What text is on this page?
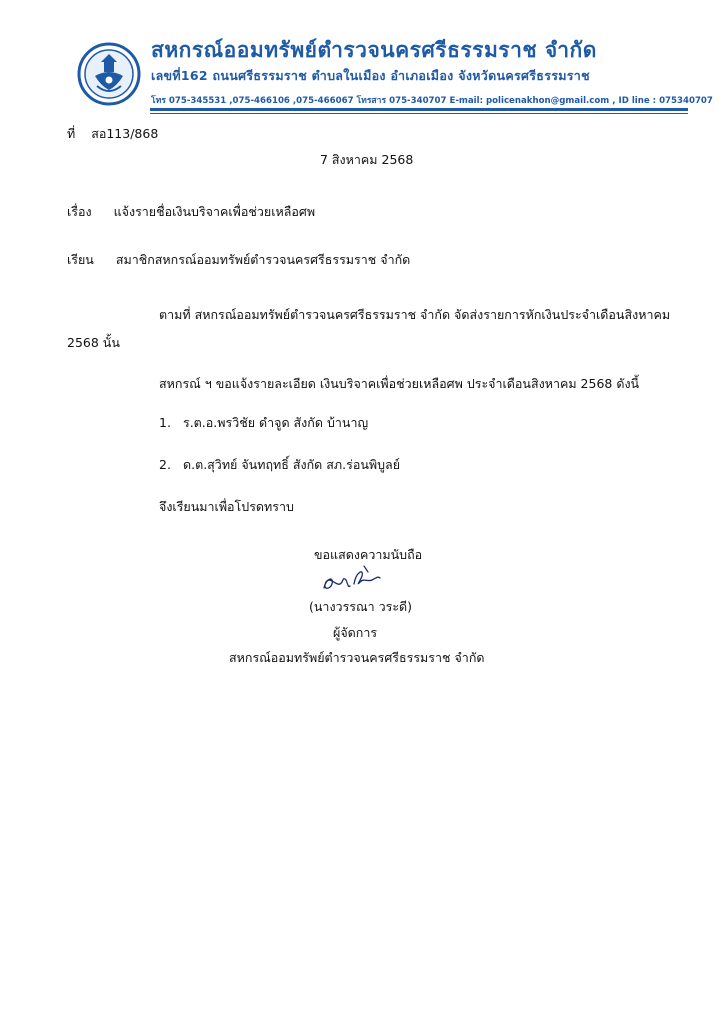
สหกรณ์ออมทรัพย์ตำรวจนครศรีธรรมราช จำกัด
เลขที่162 ถนนศรีธรรมราช ตำบลในเมือง อำเภอเมือง จังหวัดนครศรีธรรมราช
โทร 075-345531 ,075-466106 ,075-466067 โทรสาร 075-340707 E-mail: policenakhon@gmail.com , ID line : 075340707
ที่ สอ113/868
7 สิงหาคม 2568
เรื่อง แจ้งรายชื่อเงินบริจาคเพื่อช่วยเหลือศพ
เรียน สมาชิกสหกรณ์ออมทรัพย์ตำรวจนครศรีธรรมราช จำกัด
ตามที่ สหกรณ์ออมทรัพย์ตำรวจนครศรีธรรมราช จำกัด จัดส่งรายการหักเงินประจำเดือนสิงหาคม
2568 นั้น
สหกรณ์ ฯ ขอแจ้งรายละเอียด เงินบริจาคเพื่อช่วยเหลือศพ ประจำเดือนสิงหาคม 2568 ดังนี้
1. ร.ต.อ.พรวิชัย ดำจูด สังกัด บ้านาญ
2. ด.ต.สุวิทย์ จันทฤทธิ์ สังกัด สภ.ร่อนพิบูลย์
จึงเรียนมาเพื่อโปรดทราบ
ขอแสดงความนับถือ
(นางวรรณา วระดี)
ผู้จัดการ
สหกรณ์ออมทรัพย์ตำรวจนครศรีธรรมราช จำกัด
